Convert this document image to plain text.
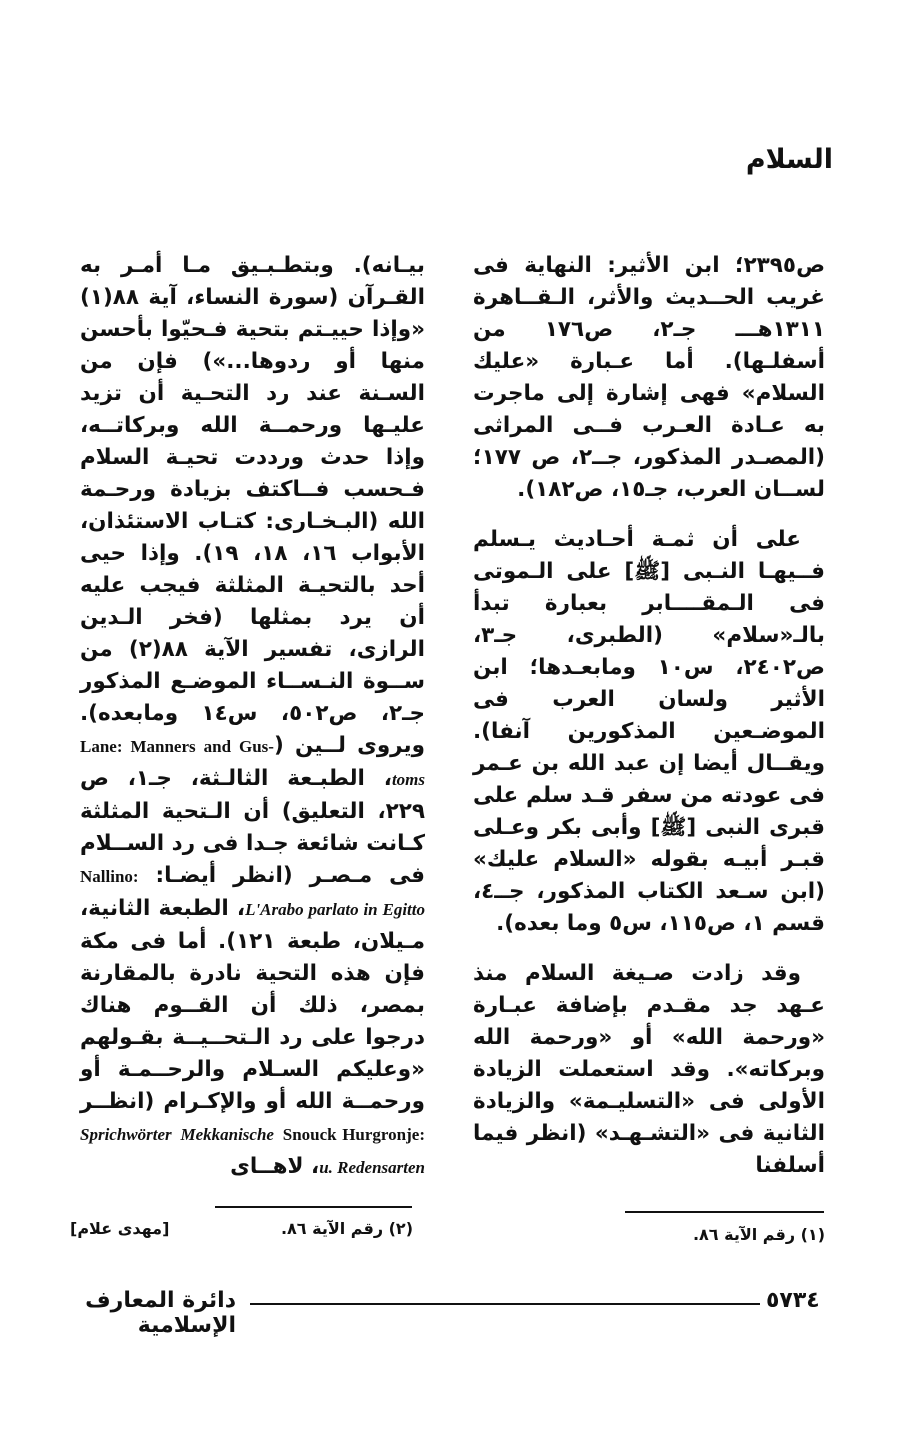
السلام

ص٢٣٩٥؛ ابن الأثير: النهاية فى غريب الحــديث والأثر، الـقــاهرة ١٣١١هـــ جـ٢، ص١٧٦ من أسفلـها). أما عـبارة «عليك السلام» فهى إشارة إلى ماجرت به عـادة العـرب فــى المراثى (المصـدر المذكور، جــ٢، ص ١٧٧؛ لســان العرب، جـ١٥، ص١٨٢).

على أن ثمـة أحـاديث يـسلم فــيهـا النـبى [ﷺ] على الـموتى فى الـمقــــابر بعبارة تبدأ بالـ«سلام» (الطبرى، جـ٣، ص٢٤٠٢، س١٠ ومابعـدها؛ ابن الأثير ولسان العرب فى الموضـعين المذكورين آنفا). ويقــال أيضا إن عبد الله بن عـمر فى عودته من سفر قـد سلم على قبرى النبى [ﷺ] وأبى بكر وعـلى قبـر أبيـه بقوله «السلام عليك» (ابن سـعد الكتاب المذكور، جــ٤، قسم ١، ص١١٥، س٥ وما بعده).

وقد زادت صـيغة السلام منذ عـهد جد مقـدم بإضافة عبـارة «ورحمة الله» أو «ورحمة الله وبركاته». وقد استعملت الزيادة الأولى فى «التسليـمة» والزيادة الثانية فى «التشـهـد» (انظر فيما أسلفنا

بيـانه). وبتطـبـيق مـا أمـر به القـرآن (سورة النساء، آية ٨٨(١) «وإذا حييـتم بتحية فـحيّوا بأحسن منها أو ردوها...») فإن من السـنة عند رد التحـية أن تزيد عليـها ورحمــة الله وبركاتــه، وإذا حدث ورددت تحيـة السلام فـحسب فــاكتف بزيادة ورحـمة الله (البـخـارى: كتـاب الاستئذان، الأبواب ١٦، ١٨، ١٩). وإذا حيى أحد بالتحيـة المثلثة فيجب عليه أن يرد بمثلها (فخر الـدين الرازى، تفسير الآية ٨٨(٢) من ســوة النـســاء الموضـع المذكور جـ٢، ص٥٠٢، س١٤ ومابعده). ويروى لــين (Lane: Manners and Gus- toms، الطبـعة الثالـثة، جـ١، ص ٢٢٩، التعليق) أن الـتحية المثلثة كـانت شائعة جـدا فى رد الســلام فى مـصـر (انظر أيضـا: Nallino: L'Arabo parlato in Egitto، الطبعة الثانية، مـيلان، طبعة ١٢١). أما فى مكة فإن هذه التحية نادرة بالمقارنة بمصر، ذلك أن القــوم هناك درجوا على رد الـتحــيــة بقـولهم «وعليكم السـلام والرحــمـة أو ورحمــة الله أو والإكـرام (انظــر Snouck Hurgronje: Mekkanische Sprichwörter u. Redensarten، لاهــاى

(١) رقم الآية ٨٦.
(٢) رقم الآية ٨٦.
[مهدى علام]
دائرة المعارف الإسلامية
٥٧٣٤
